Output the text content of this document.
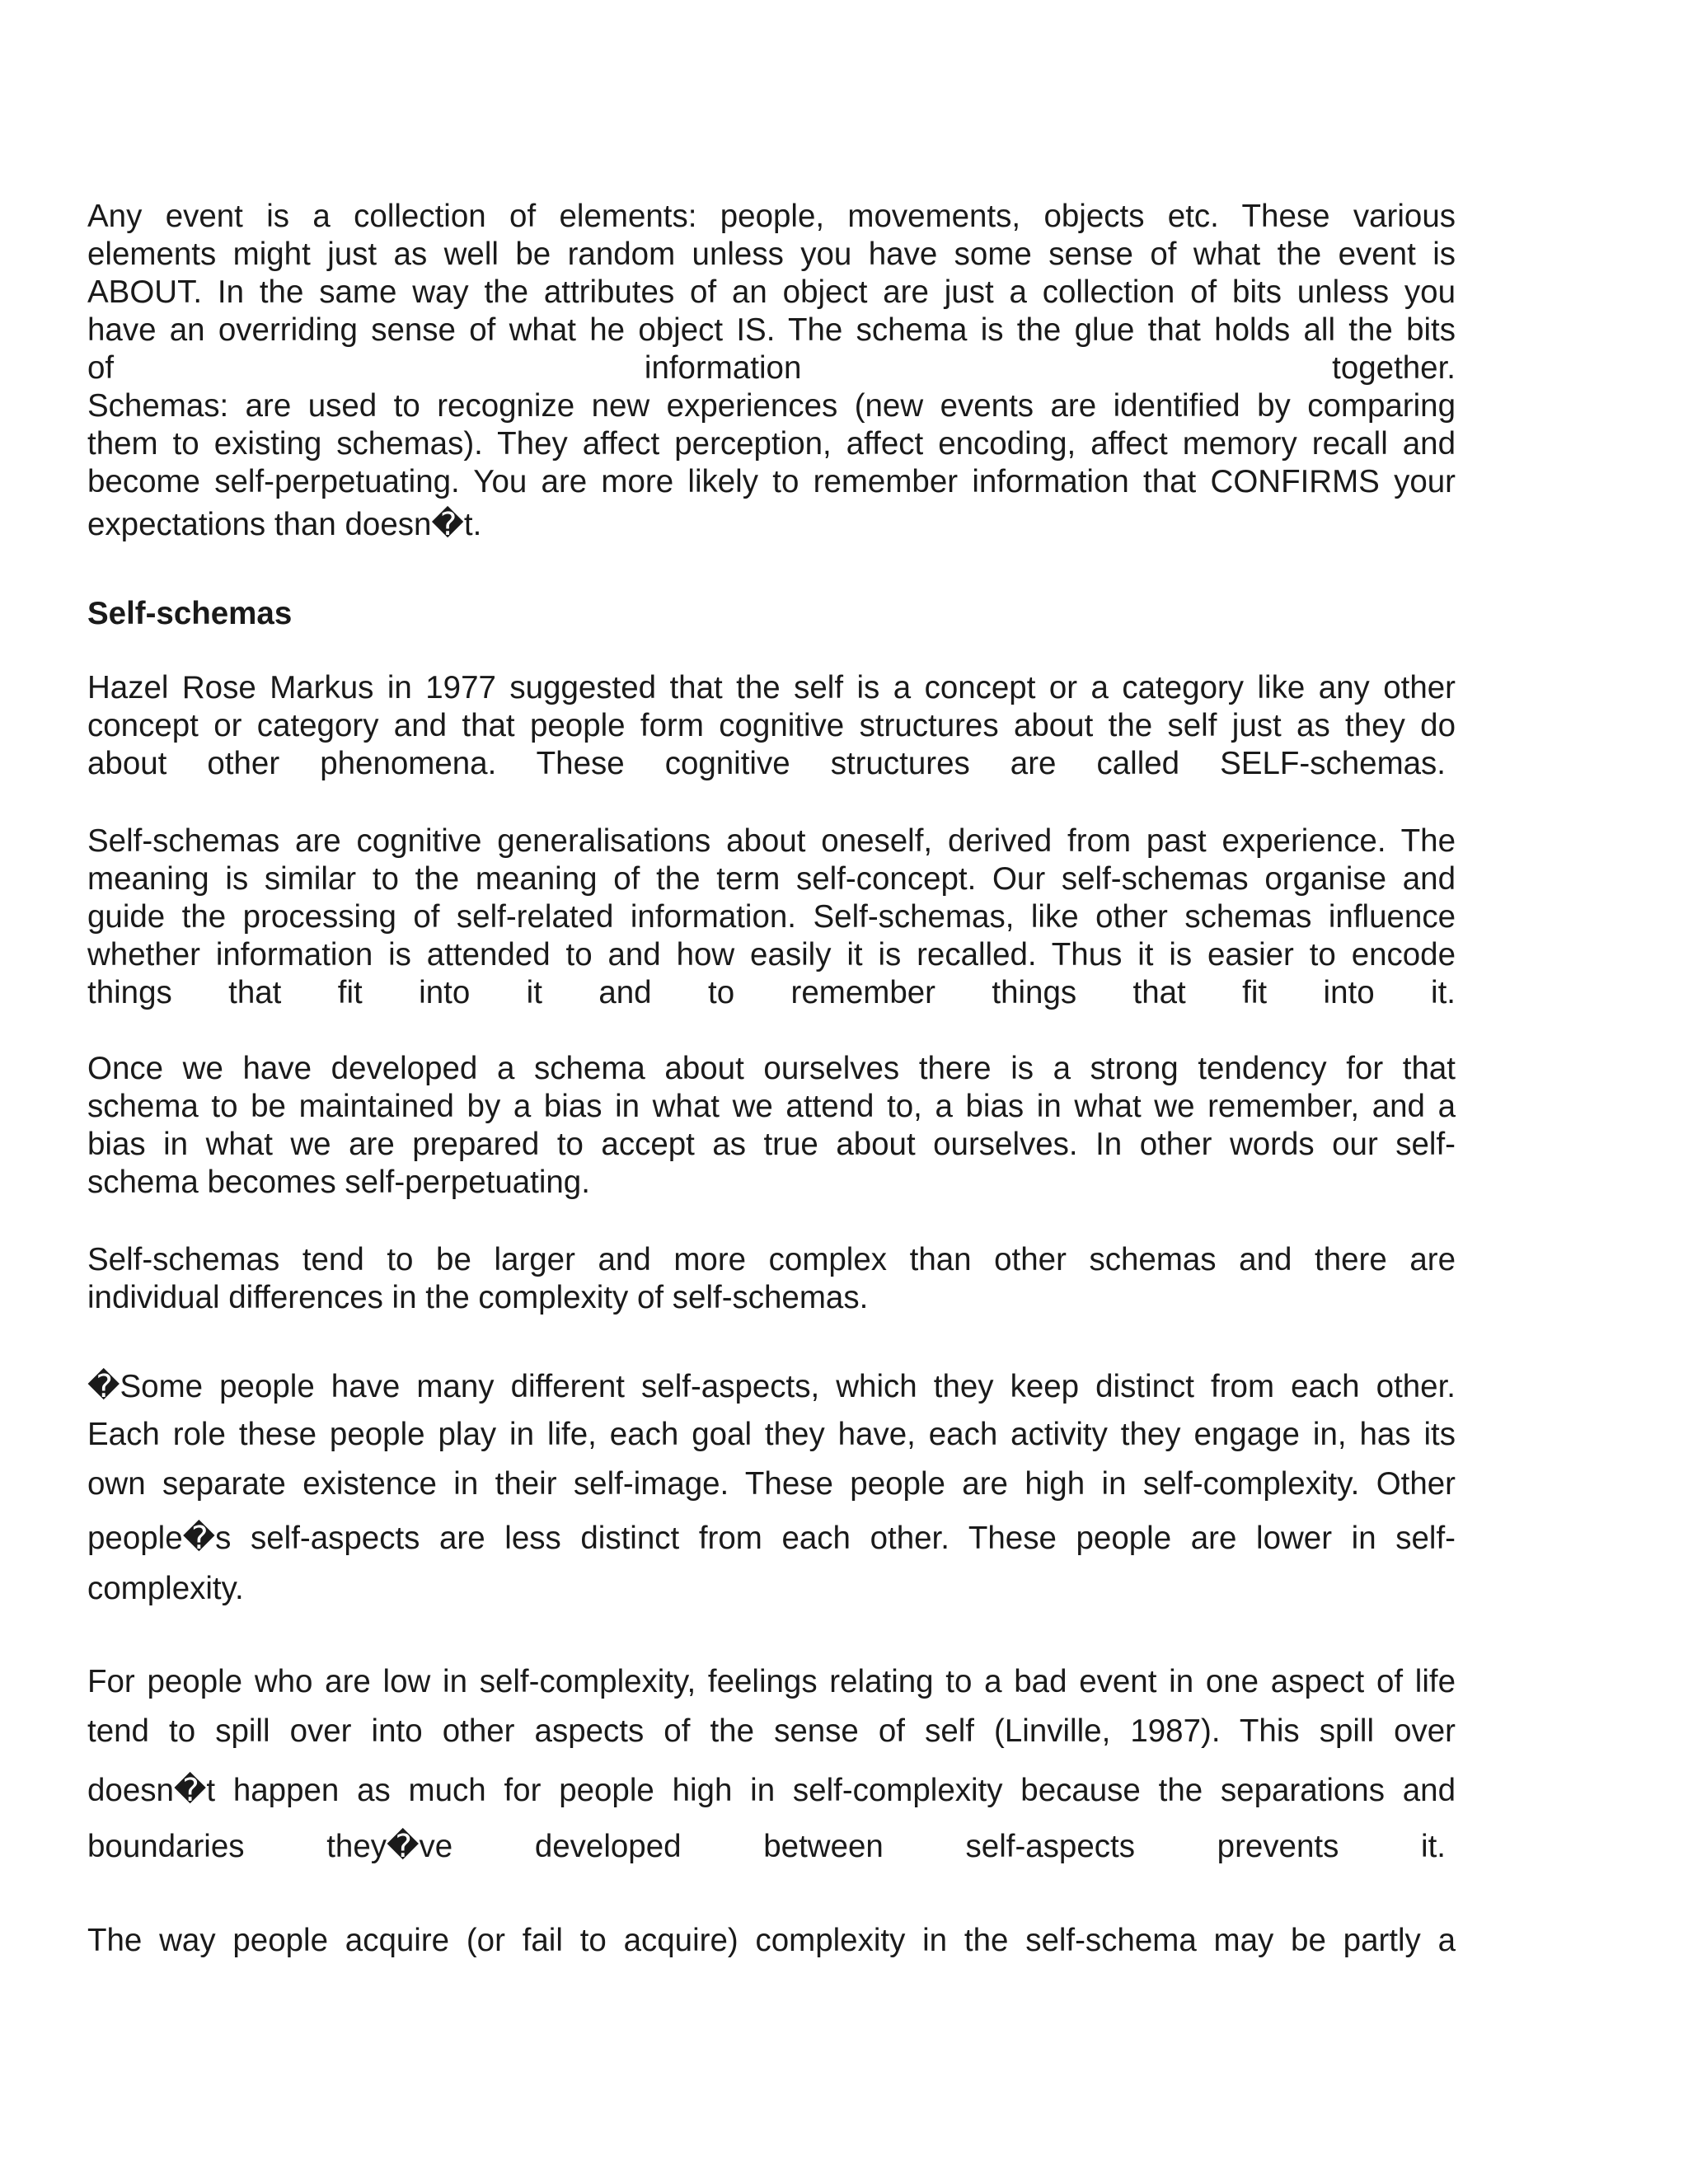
Any event is a collection of elements: people, movements, objects etc. These various
elements might just as well be random unless you have some sense of what the event is
ABOUT. In the same way the attributes of an object are just a collection of bits unless you
have an overriding sense of what he object IS. The schema is the glue that holds all the bits
of information together.
Schemas: are used to recognize new experiences (new events are identified by comparing
them to existing schemas). They affect perception, affect encoding, affect memory recall and
become self-perpetuating. You are more likely to remember information that CONFIRMS your
expectations than doesn�t.
Self-schemas
Hazel Rose Markus in 1977 suggested that the self is a concept or a category like any other
concept or category and that people form cognitive structures about the self just as they do
about other phenomena. These cognitive structures are called SELF-schemas.
Self-schemas are cognitive generalisations about oneself, derived from past experience. The
meaning is similar to the meaning of the term self-concept. Our self-schemas organise and
guide the processing of self-related information. Self-schemas, like other schemas influence
whether information is attended to and how easily it is recalled. Thus it is easier to encode
things that fit into it and to remember things that fit into it.
Once we have developed a schema about ourselves there is a strong tendency for that
schema to be maintained by a bias in what we attend to, a bias in what we remember, and a
bias in what we are prepared to accept as true about ourselves. In other words our self-
schema becomes self-perpetuating.
Self-schemas tend to be larger and more complex than other schemas and there are
individual differences in the complexity of self-schemas.
�Some people have many different self-aspects, which they keep distinct from each other.
Each role these people play in life, each goal they have, each activity they engage in, has its
own separate existence in their self-image. These people are high in self-complexity. Other
people�s self-aspects are less distinct from each other. These people are lower in self-
complexity.
For people who are low in self-complexity, feelings relating to a bad event in one aspect of life
tend to spill over into other aspects of the sense of self (Linville, 1987). This spill over
doesn�t happen as much for people high in self-complexity because the separations and
boundaries they�ve developed between self-aspects prevents it.
The way people acquire (or fail to acquire) complexity in the self-schema may be partly a
